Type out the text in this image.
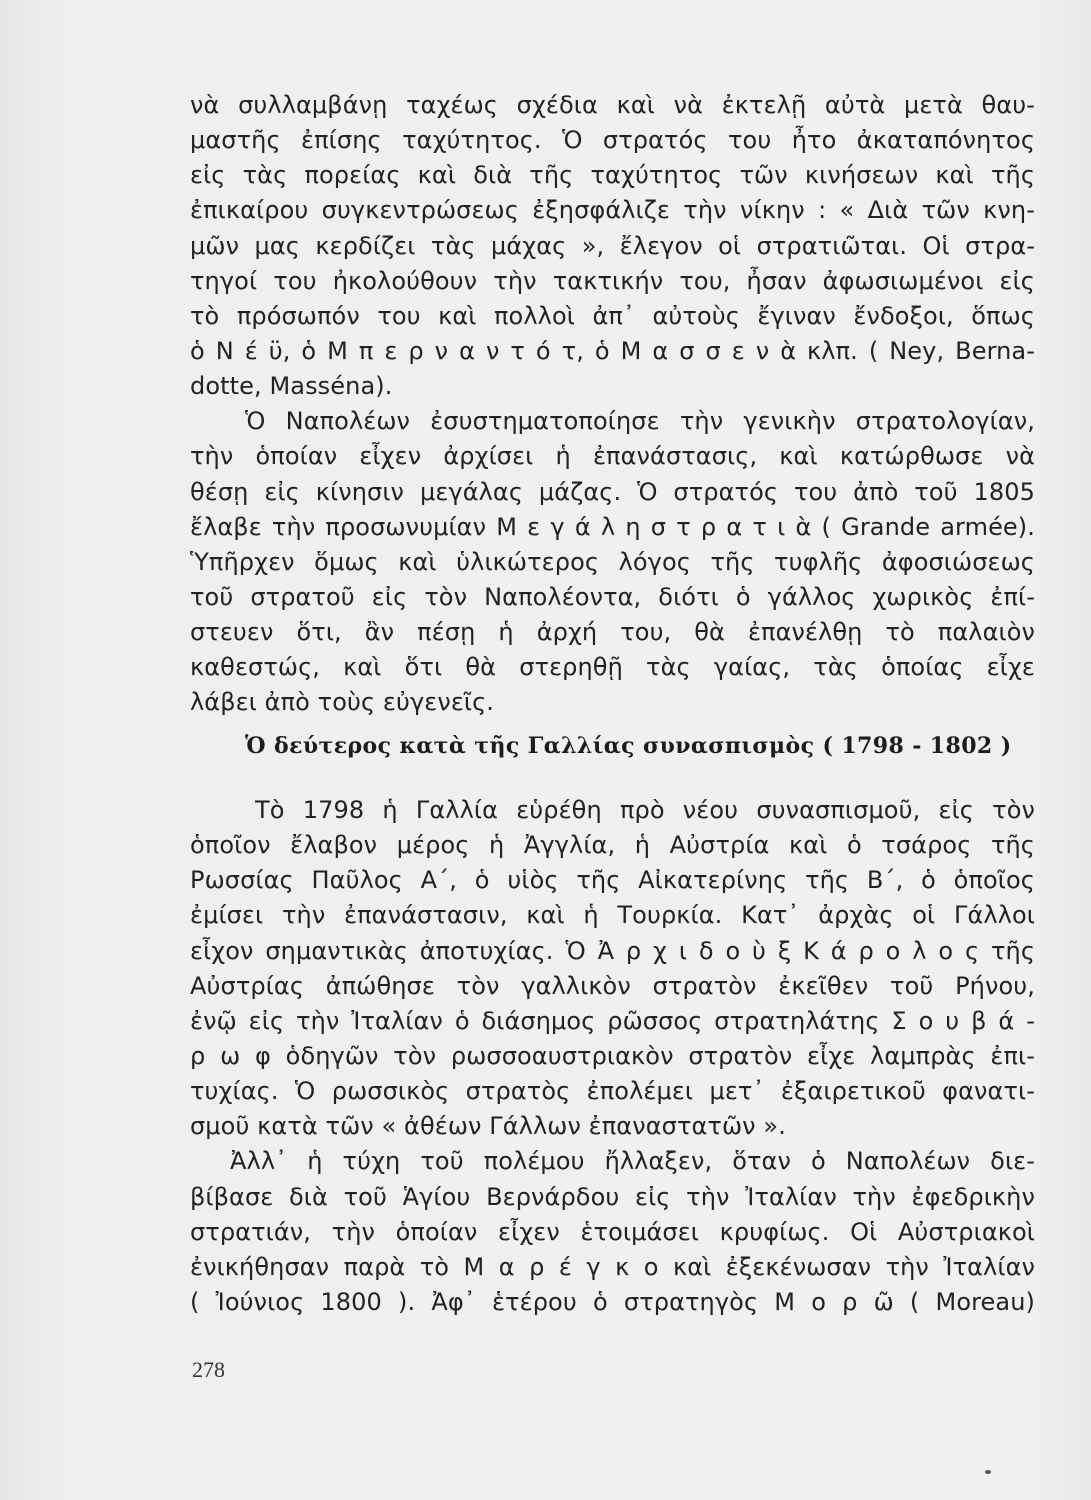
νὰ συλλαμβάνῃ ταχέως σχέδια καὶ νὰ ἐκτελῇ αὐτὰ μετὰ θαυ-
μαστῆς ἐπίσης ταχύτητος. Ὁ στρατός του ἦτο ἀκαταπόνητος
εἰς τὰς πορείας καὶ διὰ τῆς ταχύτητος τῶν κινήσεων καὶ τῆς
ἐπικαίρου συγκεντρώσεως ἐξησφάλιζε τὴν νίκην : « Διὰ τῶν κνη-
μῶν μας κερδίζει τὰς μάχας », ἔλεγον οἱ στρατιῶται. Οἱ στρα-
τηγοί του ἠκολούθουν τὴν τακτικήν του, ἦσαν ἀφωσιωμένοι εἰς
τὸ πρόσωπόν του καὶ πολλοὶ ἀπ᾽ αὐτοὺς ἔγιναν ἔνδοξοι, ὅπως
ὁ Ν έ ϋ, ὁ Μ π ε ρ ν α ν τ ό τ, ὁ Μ α σ σ ε ν ὰ κλπ. ( Ney, Berna-
dotte, Masséna).
Ὁ Ναπολέων ἐσυστηματοποίησε τὴν γενικὴν στρατολογίαν,
τὴν ὁποίαν εἶχεν ἀρχίσει ἡ ἐπανάστασις, καὶ κατώρθωσε νὰ
θέσῃ εἰς κίνησιν μεγάλας μάζας. Ὁ στρατός του ἀπὸ τοῦ 1805
ἔλαβε τὴν προσωνυμίαν Μ ε γ ά λ η σ τ ρ α τ ι ὰ ( Grande armée).
Ὑπῆρχεν ὅμως καὶ ὑλικώτερος λόγος τῆς τυφλῆς ἀφοσιώσεως
τοῦ στρατοῦ εἰς τὸν Ναπολέοντα, διότι ὁ γάλλος χωρικὸς ἐπί-
στευεν ὅτι, ἂν πέσῃ ἡ ἀρχή του, θὰ ἐπανέλθῃ τὸ παλαιὸν
καθεστώς, καὶ ὅτι θὰ στερηθῇ τὰς γαίας, τὰς ὁποίας εἶχε
λάβει ἀπὸ τοὺς εὐγενεῖς.
Ὁ δεύτερος κατὰ τῆς Γαλλίας συνασπισμὸς ( 1798 - 1802 )
Τὸ 1798 ἡ Γαλλία εὑρέθη πρὸ νέου συνασπισμοῦ, εἰς τὸν
ὁποῖον ἔλαβον μέρος ἡ Ἀγγλία, ἡ Αὐστρία καὶ ὁ τσάρος τῆς
Ρωσσίας Παῦλος Α΄, ὁ υἱὸς τῆς Αἰκατερίνης τῆς Β΄, ὁ ὁποῖος
ἐμίσει τὴν ἐπανάστασιν, καὶ ἡ Τουρκία. Κατ᾽ ἀρχὰς οἱ Γάλλοι
εἶχον σημαντικὰς ἀποτυχίας. Ὁ Ἀ ρ χ ι δ ο ὺ ξ Κ ά ρ ο λ ο ς τῆς
Αὐστρίας ἀπώθησε τὸν γαλλικὸν στρατὸν ἐκεῖθεν τοῦ Ρήνου,
ἐνῷ εἰς τὴν Ἰταλίαν ὁ διάσημος ρῶσσος στρατηλάτης Σ ο υ β ά -
ρ ω φ ὁδηγῶν τὸν ρωσσοαυστριακὸν στρατὸν εἶχε λαμπρὰς ἐπι-
τυχίας. Ὁ ρωσσικὸς στρατὸς ἐπολέμει μετ᾽ ἐξαιρετικοῦ φανατι-
σμοῦ κατὰ τῶν « ἀθέων Γάλλων ἐπαναστατῶν ».
Ἀλλ᾽ ἡ τύχη τοῦ πολέμου ἤλλαξεν, ὅταν ὁ Ναπολέων διε-
βίβασε διὰ τοῦ Ἁγίου Βερνάρδου εἰς τὴν Ἰταλίαν τὴν ἐφεδρικὴν
στρατιάν, τὴν ὁποίαν εἶχεν ἑτοιμάσει κρυφίως. Οἱ Αὐστριακοὶ
ἐνικήθησαν παρὰ τὸ Μ α ρ έ γ κ ο καὶ ἐξεκένωσαν τὴν Ἰταλίαν
( Ἰούνιος 1800 ). Ἀφ᾽ ἑτέρου ὁ στρατηγὸς Μ ο ρ ῶ ( Moreau)
278
